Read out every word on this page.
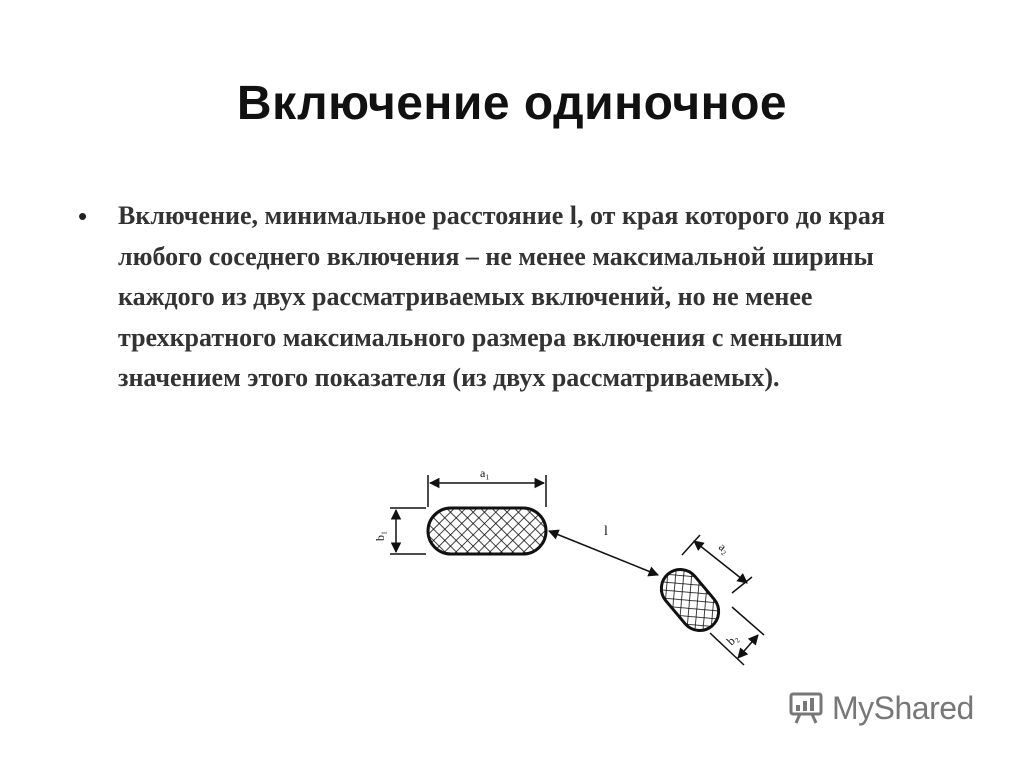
Включение одиночное
• Включение, минимальное расстояние l, от края которого до края любого соседнего включения – не менее максимальной ширины каждого из двух рассматриваемых включений, но не менее трехкратного максимального размера включения с меньшим значением этого показателя (из двух рассматриваемых).
a₁
b₁	l
a₂
b₂
MyShared
